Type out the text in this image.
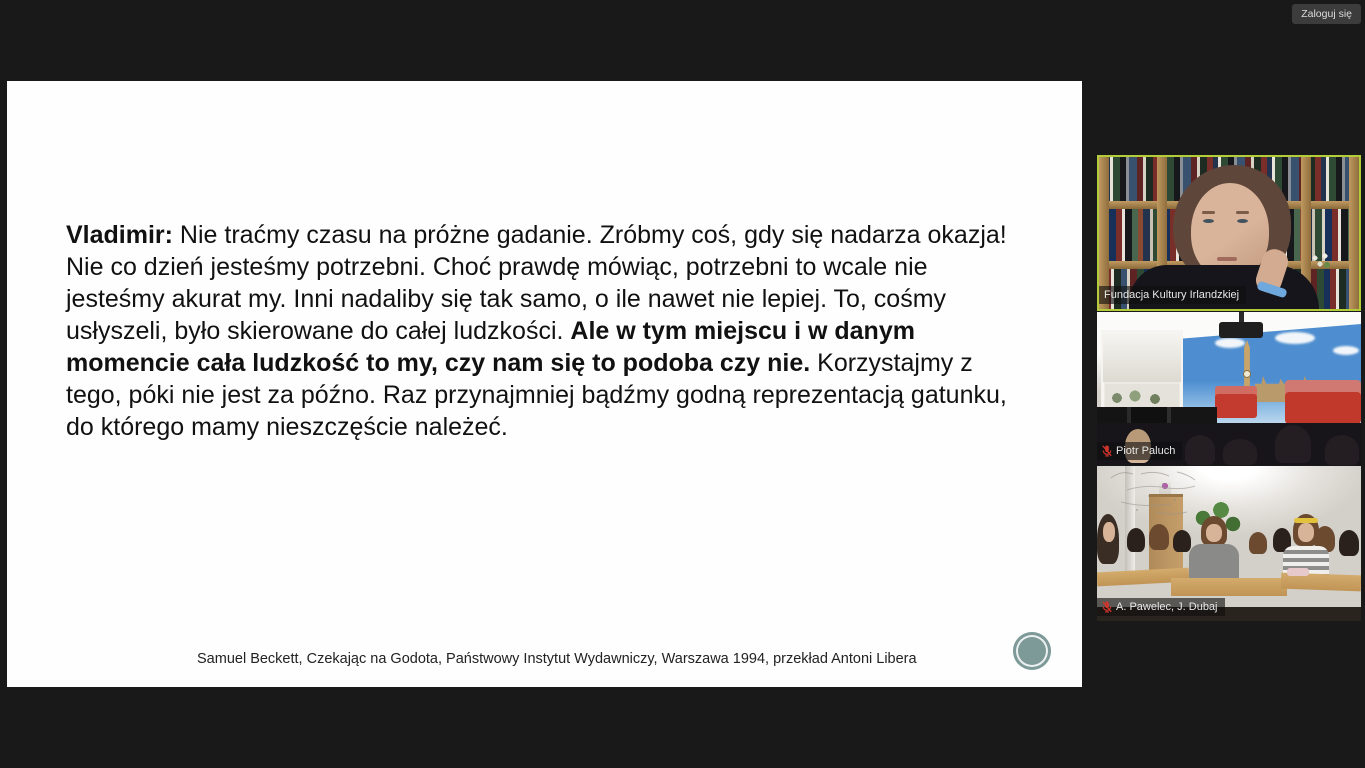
Zaloguj się
Vladimir: Nie traćmy czasu na próżne gadanie. Zróbmy coś, gdy się nadarza okazja! Nie co dzień jesteśmy potrzebni. Choć prawdę mówiąc, potrzebni to wcale nie jesteśmy akurat my. Inni nadaliby się tak samo, o ile nawet nie lepiej. To, cośmy usłyszeli, było skierowane do całej ludzkości. Ale w tym miejscu i w danym momencie cała ludzkość to my, czy nam się to podoba czy nie. Korzystajmy z tego, póki nie jest za późno. Raz przynajmniej bądźmy godną reprezentacją gatunku, do którego mamy nieszczęście należeć.
Samuel Beckett, Czekając na Godota, Państwowy Instytut Wydawniczy, Warszawa 1994, przekład Antoni Libera
Fundacja Kultury Irlandzkiej
Piotr Paluch
A. Pawelec, J. Dubaj
